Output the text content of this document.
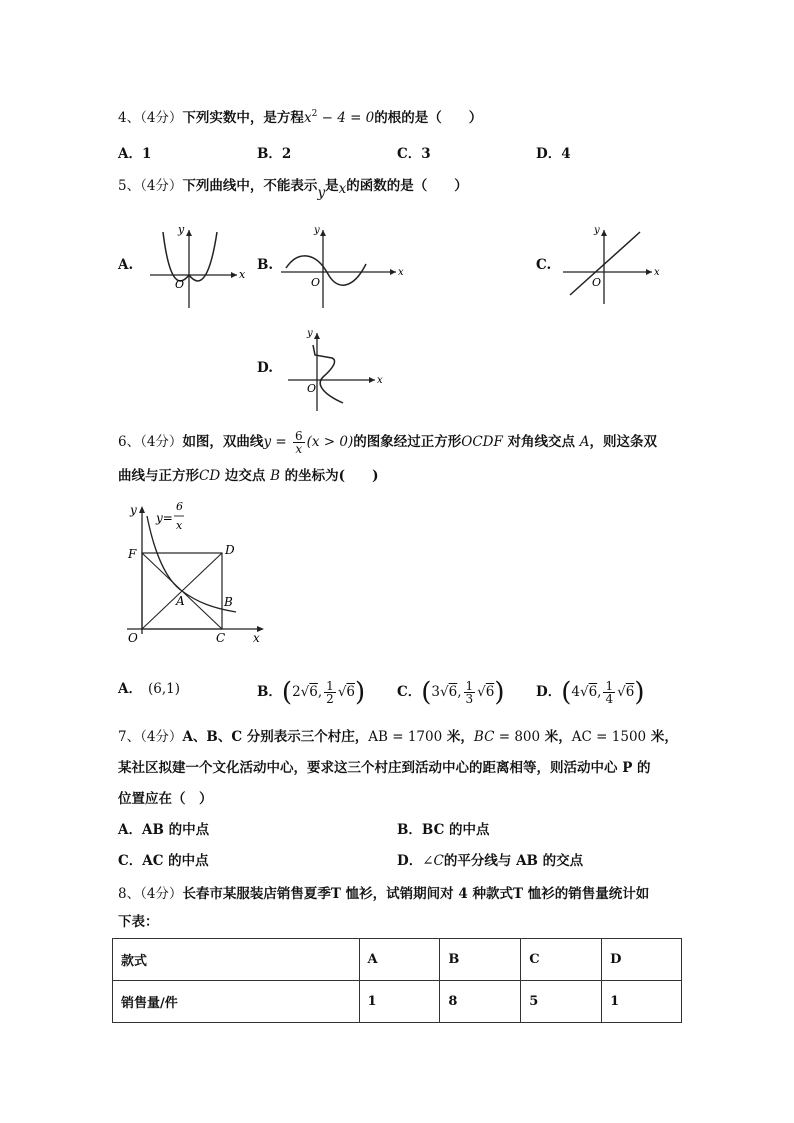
4、（4分）下列实数中，是方程$x^2 - 4 = 0$的根的是（　　）
A．1	B．2	C．3	D．4
5、（4分）下列曲线中，不能表示y是x的函数的是（　　）
A.
x
y
O
B.	x
y
O
C.	x
y
O
D.
x
y
O
6、（4分）如图，双曲线$y = \frac{6}{x} (x > 0)$的图象经过正方形OCDF 对角线交点 A，则这条双
曲线与正方形CD 边交点 B 的坐标为(　　)
y
x
y=
6
x
F	D
A	B
O	C
A． (6,1)	B．(2√6, $\frac{1}{2} √6$) C．(3√6, $\frac{1}{3} √6$) D．(4√6, $\frac{1}{4} √6$)
7、（4分）A、B、C 分别表示三个村庄，AB = 1700 米，BC = 800 米，AC = 1500 米，
某社区拟建一个文化活动中心，要求这三个村庄到活动中心的距离相等，则活动中心 P 的
位置应在（　）
A．AB 的中点	B．BC 的中点
C．AC 的中点	D．∠C的平分线与 AB 的交点
8、（4分）长春市某服装店销售夏季T 恤衫，试销期间对 4 种款式T 恤衫的销售量统计如
下表：
款式	A	B	C	D
销售量/件	1	8	5	1
